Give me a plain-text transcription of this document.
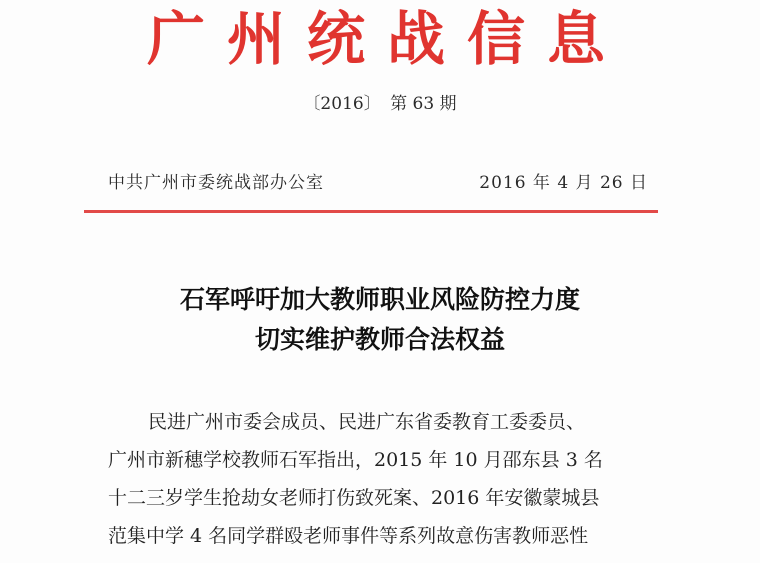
广州统战信息
〔2016〕 第 63 期
中共广州市委统战部办公室	2016 年 4 月 26 日
石军呼吁加大教师职业风险防控力度
切实维护教师合法权益
民进广州市委会成员、民进广东省委教育工委委员、
广州市新穗学校教师石军指出，2015 年 10 月邵东县 3 名
十二三岁学生抢劫女老师打伤致死案、2016 年安徽蒙城县
范集中学 4 名同学群殴老师事件等系列故意伤害教师恶性
